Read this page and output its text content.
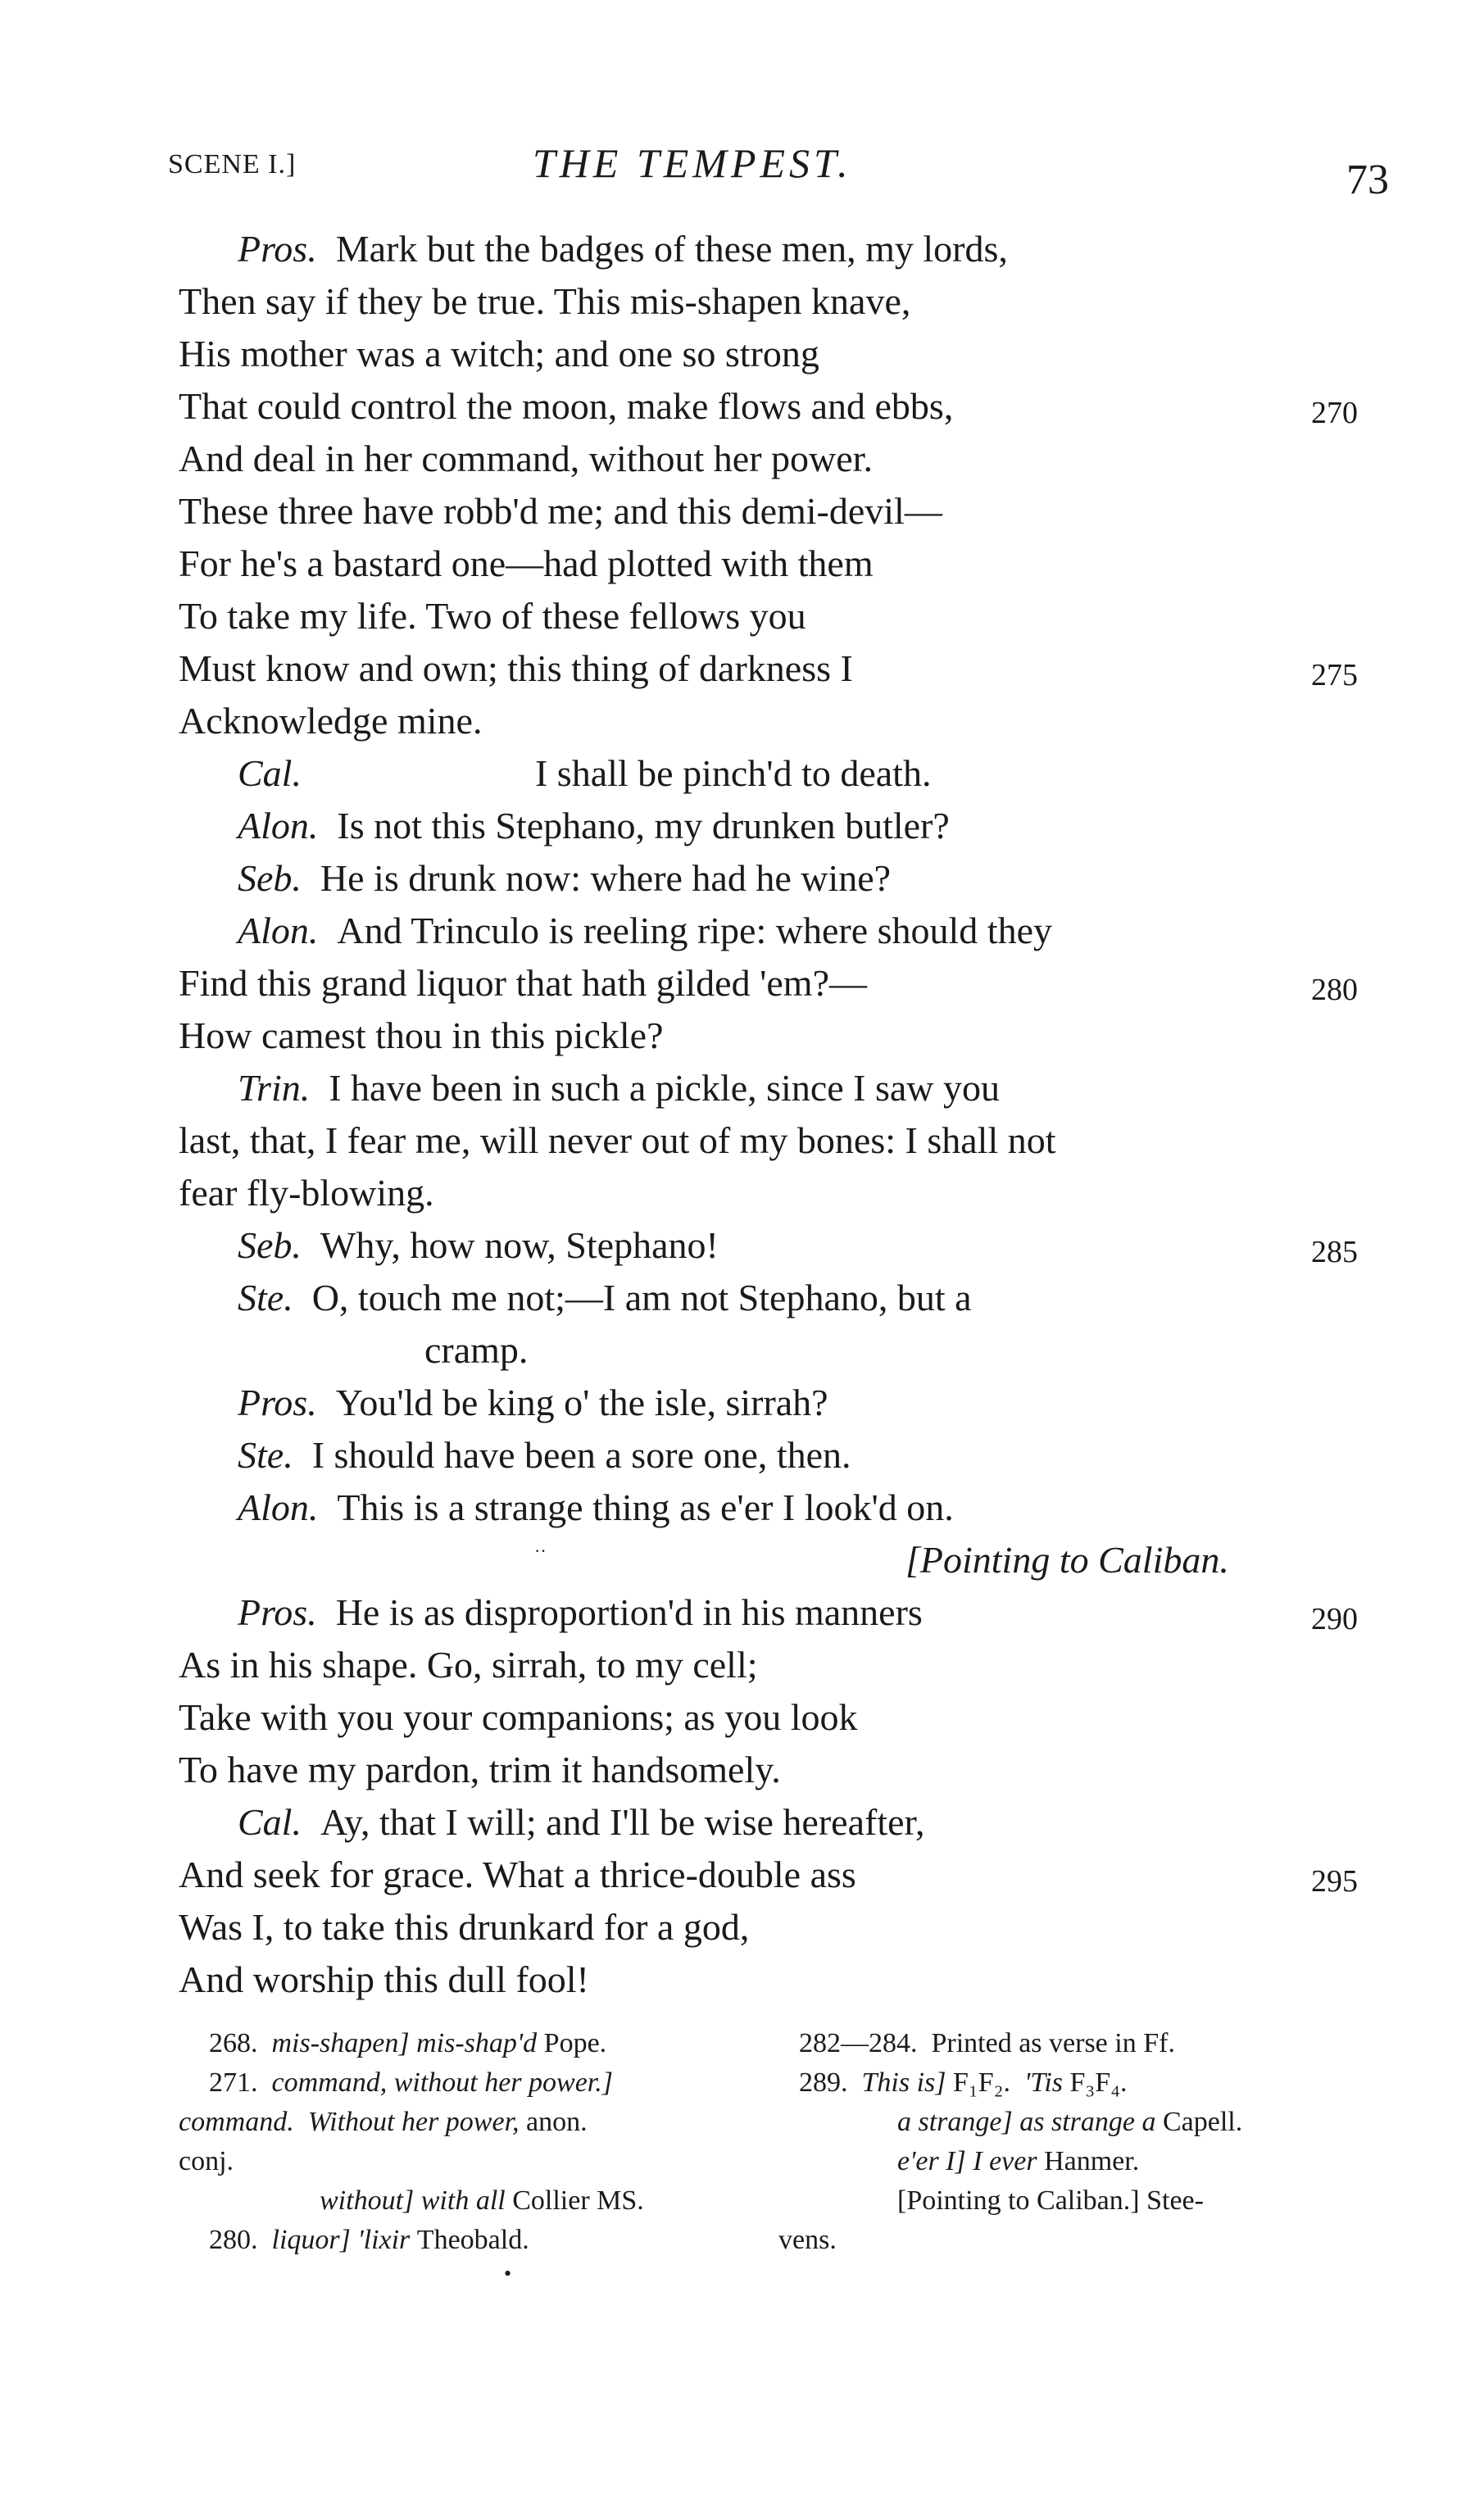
SCENE I.]	THE TEMPEST.	73
Pros. Mark but the badges of these men, my lords,
Then say if they be true. This mis-shapen knave,
His mother was a witch; and one so strong
That could control the moon, make flows and ebbs,	270
And deal in her command, without her power.
These three have robb'd me; and this demi-devil—
For he's a bastard one—had plotted with them
To take my life. Two of these fellows you
Must know and own; this thing of darkness I	275
Acknowledge mine.
Cal.	I shall be pinch'd to death.
Alon. Is not this Stephano, my drunken butler?
Seb. He is drunk now: where had he wine?
Alon. And Trinculo is reeling ripe: where should they
Find this grand liquor that hath gilded 'em?—	280
How camest thou in this pickle?
Trin. I have been in such a pickle, since I saw you
last, that, I fear me, will never out of my bones: I shall not
fear fly-blowing.
Seb. Why, how now, Stephano!	285
Ste. O, touch me not;—I am not Stephano, but a
cramp.
Pros. You'ld be king o' the isle, sirrah?
Ste. I should have been a sore one, then.
Alon. This is a strange thing as e'er I look'd on.
··	[Pointing to Caliban.
Pros. He is as disproportion'd in his manners	290
As in his shape. Go, sirrah, to my cell;
Take with you your companions; as you look
To have my pardon, trim it handsomely.
Cal. Ay, that I will; and I'll be wise hereafter,
And seek for grace. What a thrice-double ass	295
Was I, to take this drunkard for a god,
And worship this dull fool!
268. mis-shapen] mis-shap'd Pope.
271. command, without her power.]
command. Without her power, anon.
conj.
without] with all Collier MS.
280. liquor] 'lixir Theobald.
282—284. Printed as verse in Ff.
289. This is] F₁F₂. 'Tis F₃F₄.
a strange] as strange a Capell.
e'er I] I ever Hanmer.
[Pointing to Caliban.] Stee-
vens.
•
